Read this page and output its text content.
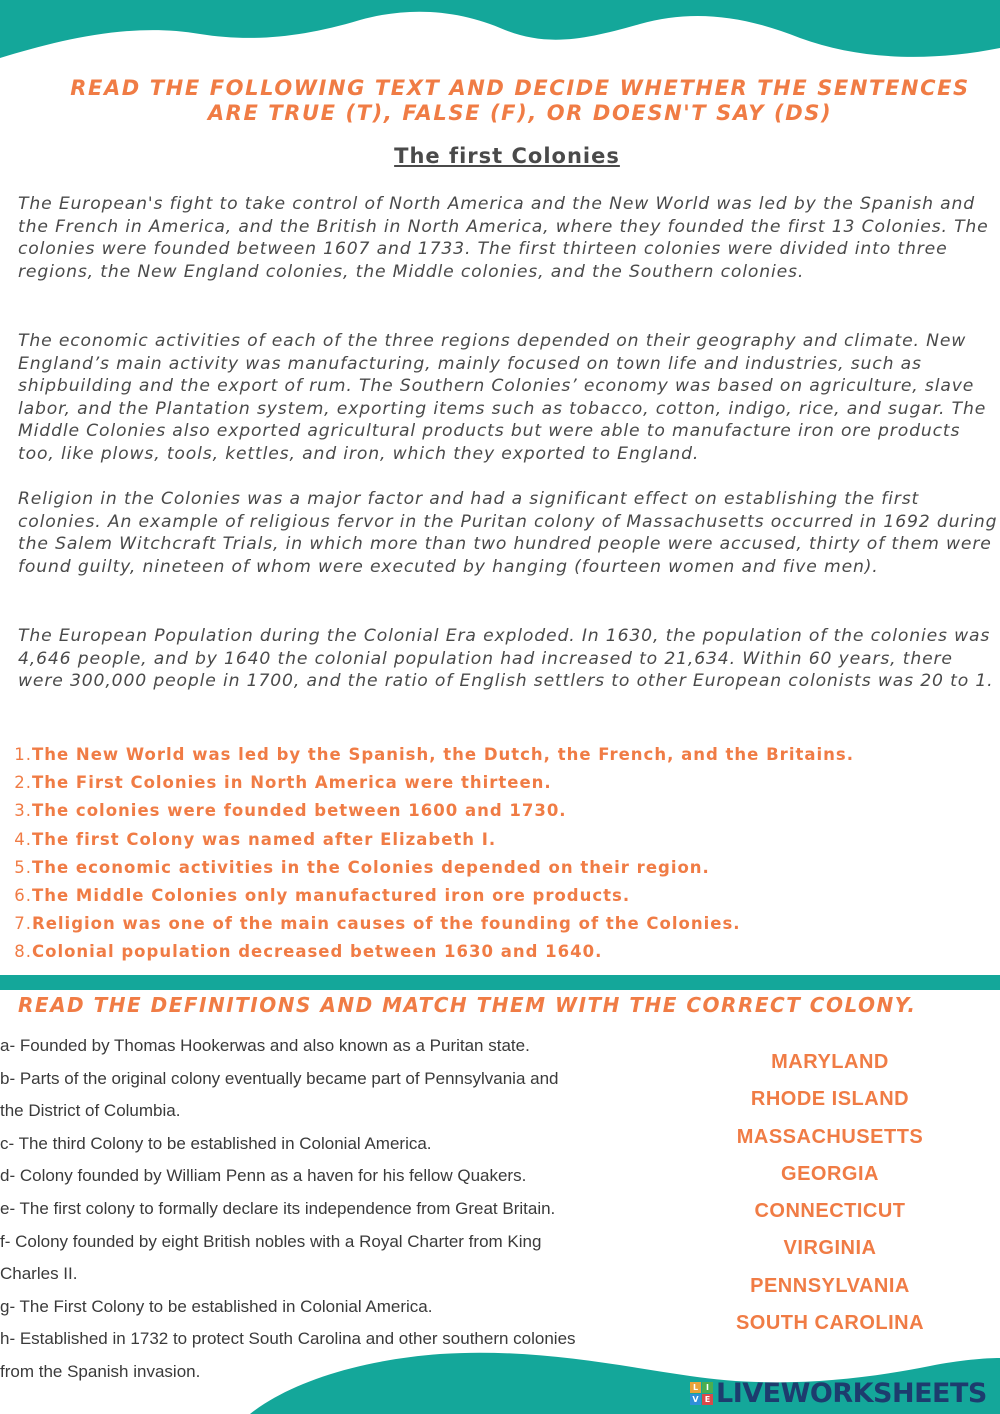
READ THE FOLLOWING TEXT AND DECIDE WHETHER THE SENTENCES
ARE TRUE (T), FALSE (F), OR DOESN'T SAY (DS)
The first Colonies

The European's fight to take control of North America and the New World was led by the Spanish and the French in America, and the British in North America, where they founded the first 13 Colonies. The colonies were founded between 1607 and 1733. The first thirteen colonies were divided into three regions, the New England colonies, the Middle colonies, and the Southern colonies.

The economic activities of each of the three regions depended on their geography and climate. New England’s main activity was manufacturing, mainly focused on town life and industries, such as shipbuilding and the export of rum. The Southern Colonies’ economy was based on agriculture, slave labor, and the Plantation system, exporting items such as tobacco, cotton, indigo, rice, and sugar. The Middle Colonies also exported agricultural products but were able to manufacture iron ore products too, like plows, tools, kettles, and iron, which they exported to England.

Religion in the Colonies was a major factor and had a significant effect on establishing the first colonies. An example of religious fervor in the Puritan colony of Massachusetts occurred in 1692 during the Salem Witchcraft Trials, in which more than two hundred people were accused, thirty of them were found guilty, nineteen of whom were executed by hanging (fourteen women and five men).

The European Population during the Colonial Era exploded. In 1630, the population of the colonies was 4,646 people, and by 1640 the colonial population had increased to 21,634. Within 60 years, there were 300,000 people in 1700, and the ratio of English settlers to other European colonists was 20 to 1.

1.The New World was led by the Spanish, the Dutch, the French, and the Britains.
2.The First Colonies in North America were thirteen.
3.The colonies were founded between 1600 and 1730.
4.The first Colony was named after Elizabeth I.
5.The economic activities in the Colonies depended on their region.
6.The Middle Colonies only manufactured iron ore products.
7.Religion was one of the main causes of the founding of the Colonies.
8.Colonial population decreased between 1630 and 1640.
READ THE DEFINITIONS AND MATCH THEM WITH THE CORRECT COLONY.
a- Founded by Thomas Hookerwas and also known as a Puritan state.
b- Parts of the original colony eventually became part of Pennsylvania and
the District of Columbia.
c- The third Colony to be established in Colonial America.
d- Colony founded by William Penn as a haven for his fellow Quakers.
e- The first colony to formally declare its independence from Great Britain.
f- Colony founded by eight British nobles with a Royal Charter from King
Charles II.
g- The First Colony to be established in Colonial America.
h- Established in 1732 to protect South Carolina and other southern colonies
from the Spanish invasion.
MARYLAND
RHODE ISLAND
MASSACHUSETTS
GEORGIA
CONNECTICUT
VIRGINIA
PENNSYLVANIA
SOUTH CAROLINA
L I
V E LIVEWORKSHEETS
